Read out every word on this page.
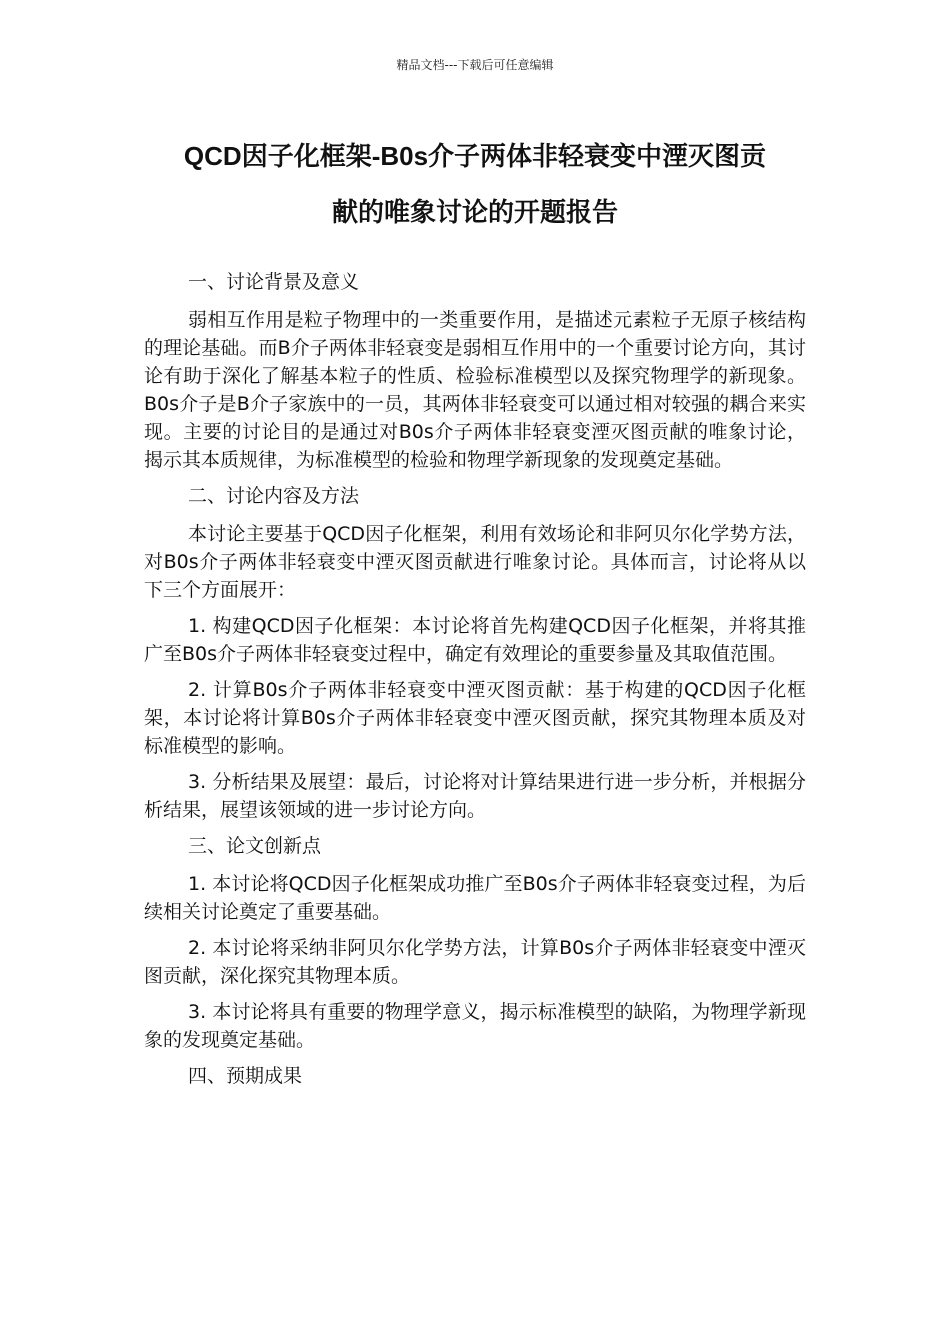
精品文档---下载后可任意编辑
QCD因子化框架-B0s介子两体非轻衰变中湮灭图贡
献的唯象讨论的开题报告

一、讨论背景及意义

弱相互作用是粒子物理中的一类重要作用，是描述元素粒子无原子核结构的理论基础。而B介子两体非轻衰变是弱相互作用中的一个重要讨论方向，其讨论有助于深化了解基本粒子的性质、检验标准模型以及探究物理学的新现象。B0s介子是B介子家族中的一员，其两体非轻衰变可以通过相对较强的耦合来实现。主要的讨论目的是通过对B0s介子两体非轻衰变湮灭图贡献的唯象讨论，揭示其本质规律，为标准模型的检验和物理学新现象的发现奠定基础。

二、讨论内容及方法

本讨论主要基于QCD因子化框架，利用有效场论和非阿贝尔化学势方法，对B0s介子两体非轻衰变中湮灭图贡献进行唯象讨论。具体而言，讨论将从以下三个方面展开：

1. 构建QCD因子化框架：本讨论将首先构建QCD因子化框架，并将其推广至B0s介子两体非轻衰变过程中，确定有效理论的重要参量及其取值范围。

2. 计算B0s介子两体非轻衰变中湮灭图贡献：基于构建的QCD因子化框架，本讨论将计算B0s介子两体非轻衰变中湮灭图贡献，探究其物理本质及对标准模型的影响。

3. 分析结果及展望：最后，讨论将对计算结果进行进一步分析，并根据分析结果，展望该领域的进一步讨论方向。

三、论文创新点

1. 本讨论将QCD因子化框架成功推广至B0s介子两体非轻衰变过程，为后续相关讨论奠定了重要基础。

2. 本讨论将采纳非阿贝尔化学势方法，计算B0s介子两体非轻衰变中湮灭图贡献，深化探究其物理本质。

3. 本讨论将具有重要的物理学意义，揭示标准模型的缺陷，为物理学新现象的发现奠定基础。

四、预期成果
